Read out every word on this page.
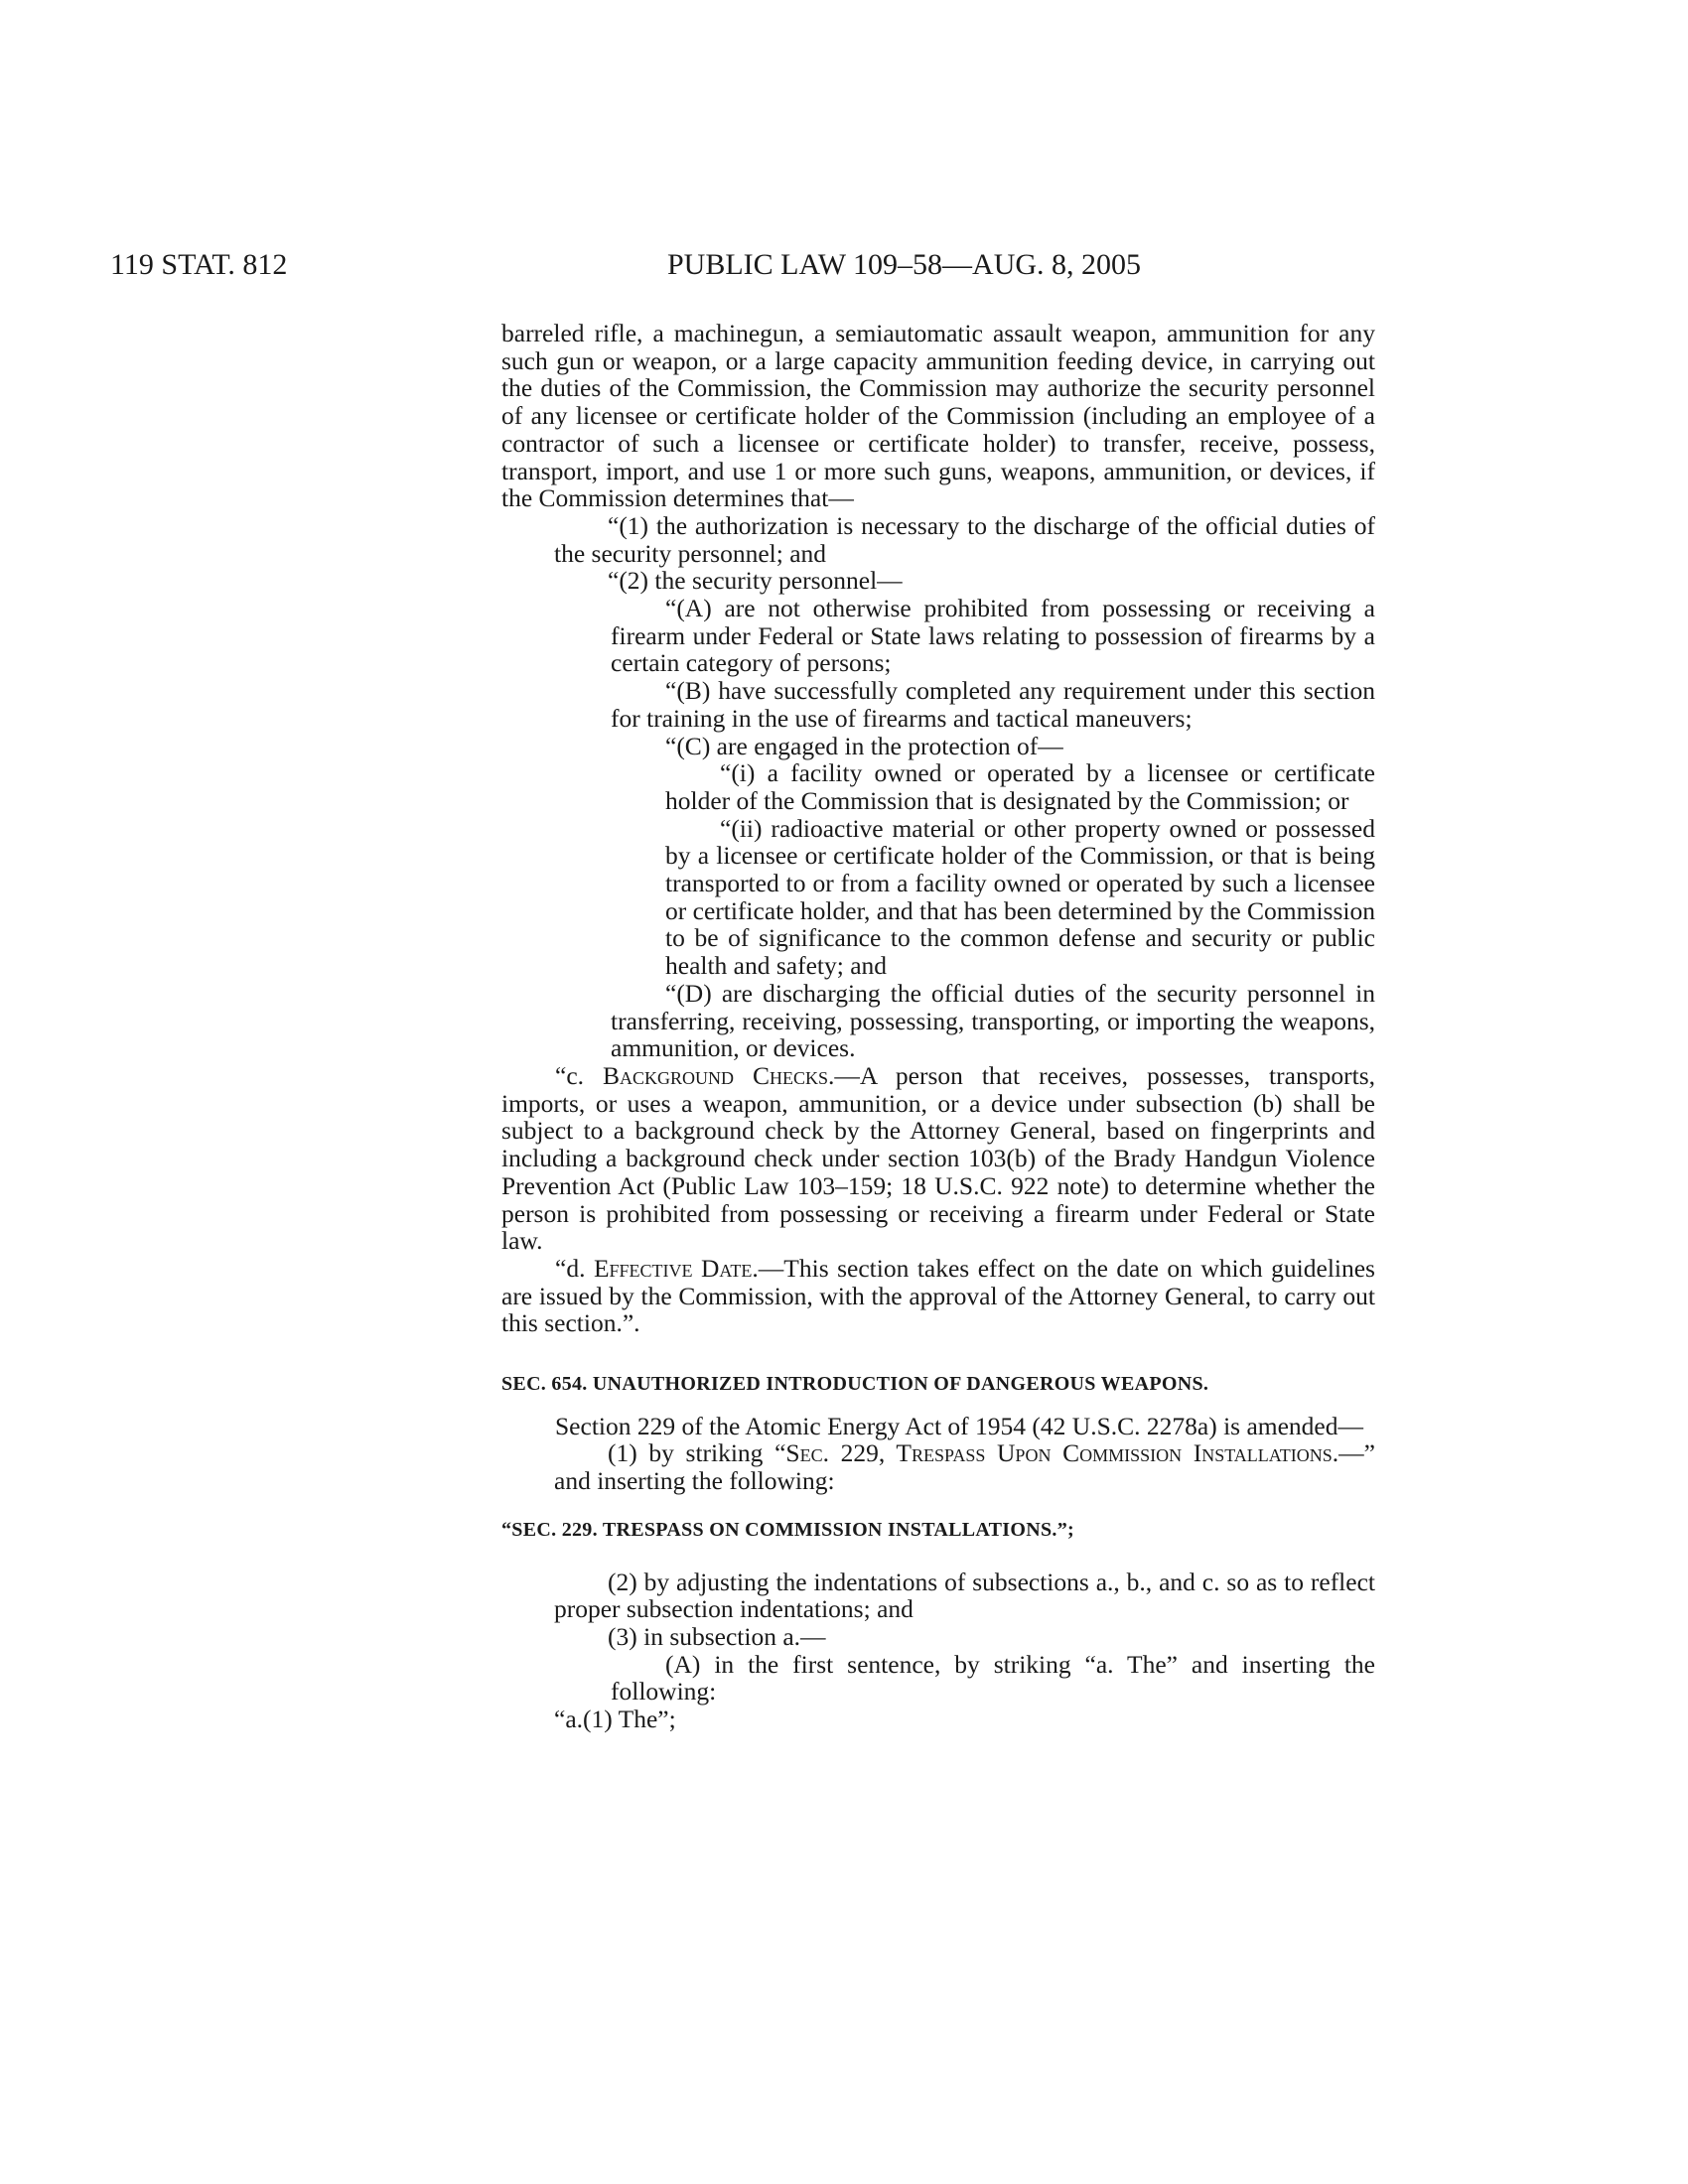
119 STAT. 812	PUBLIC LAW 109–58—AUG. 8, 2005

barreled rifle, a machinegun, a semiautomatic assault weapon, ammunition for any such gun or weapon, or a large capacity ammunition feeding device, in carrying out the duties of the Commission, the Commission may authorize the security personnel of any licensee or certificate holder of the Commission (including an employee of a contractor of such a licensee or certificate holder) to transfer, receive, possess, transport, import, and use 1 or more such guns, weapons, ammunition, or devices, if the Commission determines that—

“(1) the authorization is necessary to the discharge of the official duties of the security personnel; and

“(2) the security personnel—

“(A) are not otherwise prohibited from possessing or receiving a firearm under Federal or State laws relating to possession of firearms by a certain category of persons;

“(B) have successfully completed any requirement under this section for training in the use of firearms and tactical maneuvers;

“(C) are engaged in the protection of—

“(i) a facility owned or operated by a licensee or certificate holder of the Commission that is designated by the Commission; or

“(ii) radioactive material or other property owned or possessed by a licensee or certificate holder of the Commission, or that is being transported to or from a facility owned or operated by such a licensee or certificate holder, and that has been determined by the Commission to be of significance to the common defense and security or public health and safety; and

“(D) are discharging the official duties of the security personnel in transferring, receiving, possessing, transporting, or importing the weapons, ammunition, or devices.

“c. Background Checks.—A person that receives, possesses, transports, imports, or uses a weapon, ammunition, or a device under subsection (b) shall be subject to a background check by the Attorney General, based on fingerprints and including a background check under section 103(b) of the Brady Handgun Violence Prevention Act (Public Law 103–159; 18 U.S.C. 922 note) to determine whether the person is prohibited from possessing or receiving a firearm under Federal or State law.

“d. Effective Date.—This section takes effect on the date on which guidelines are issued by the Commission, with the approval of the Attorney General, to carry out this section.”.

SEC. 654. UNAUTHORIZED INTRODUCTION OF DANGEROUS WEAPONS.

Section 229 of the Atomic Energy Act of 1954 (42 U.S.C. 2278a) is amended—

(1) by striking “Sec. 229, Trespass Upon Commission Installations.—” and inserting the following:

“SEC. 229. TRESPASS ON COMMISSION INSTALLATIONS.”;

(2) by adjusting the indentations of subsections a., b., and c. so as to reflect proper subsection indentations; and

(3) in subsection a.—

(A) in the first sentence, by striking “a. The” and inserting the following:

“a.(1) The”;
